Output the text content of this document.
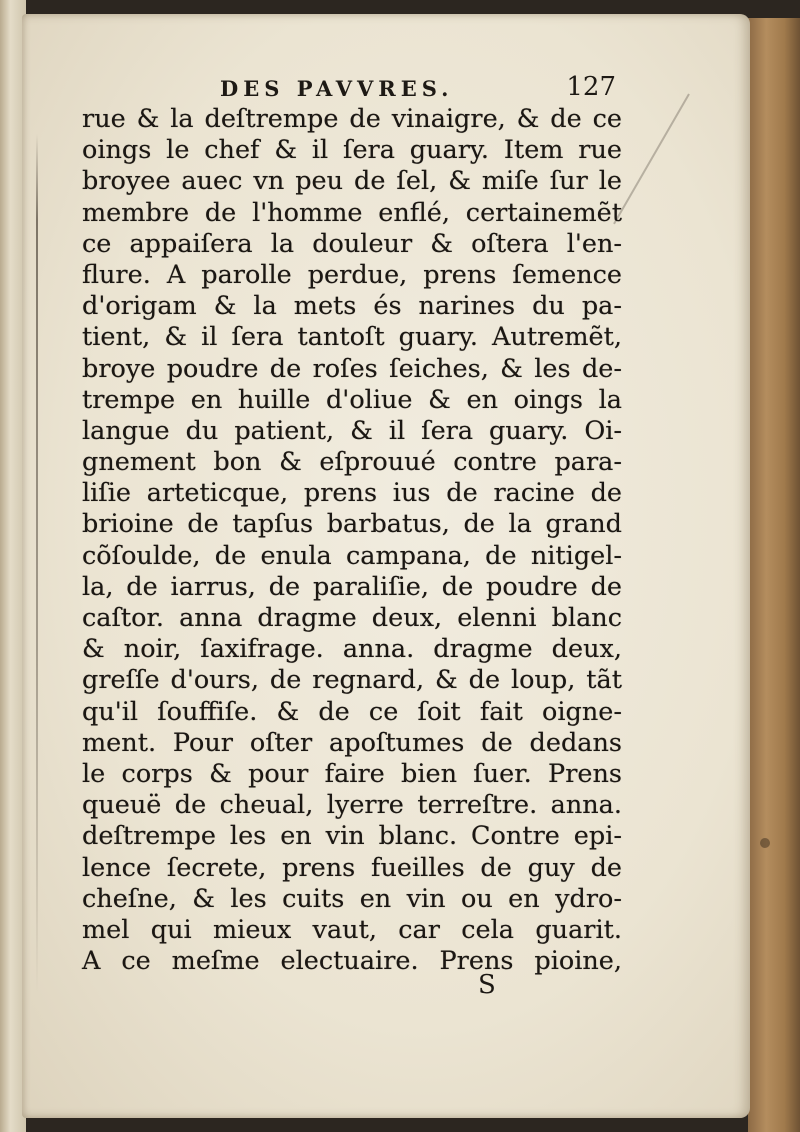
DES PAVVRES.	127
rue & la deſtrempe de vinaigre, & de ce
oings le chef & il ſera guary. Item rue
broyee auec vn peu de ſel, & miſe ſur le
membre de l'homme enflé, certainemẽt
ce appaiſera la douleur & oſtera l'en-
flure. A parolle perdue, prens ſemence
d'origam & la mets és narines du pa-
tient, & il ſera tantoſt guary. Autremẽt,
broye poudre de roſes ſeiches, & les de-
trempe en huille d'oliue & en oings la
langue du patient, & il ſera guary. Oi-
gnement bon & eſprouué contre para-
liſie arteticque, prens ius de racine de
brioine de tapſus barbatus, de la grand
cõſoulde, de enula campana, de nitigel-
la, de iarrus, de paraliſie, de poudre de
caſtor. anna dragme deux, elenni blanc
& noir, ſaxifrage. anna. dragme deux,
greſſe d'ours, de regnard, & de loup, tãt
qu'il ſouffiſe. & de ce ſoit fait oigne-
ment. Pour oſter apoſtumes de dedans
le corps & pour faire bien ſuer. Prens
queuë de cheual, lyerre terreſtre. anna.
deſtrempe les en vin blanc. Contre epi-
lence ſecrete, prens fueilles de guy de
cheſne, & les cuits en vin ou en ydro-
mel qui mieux vaut, car cela guarit.
A ce meſme electuaire. Prens pioine,
S
